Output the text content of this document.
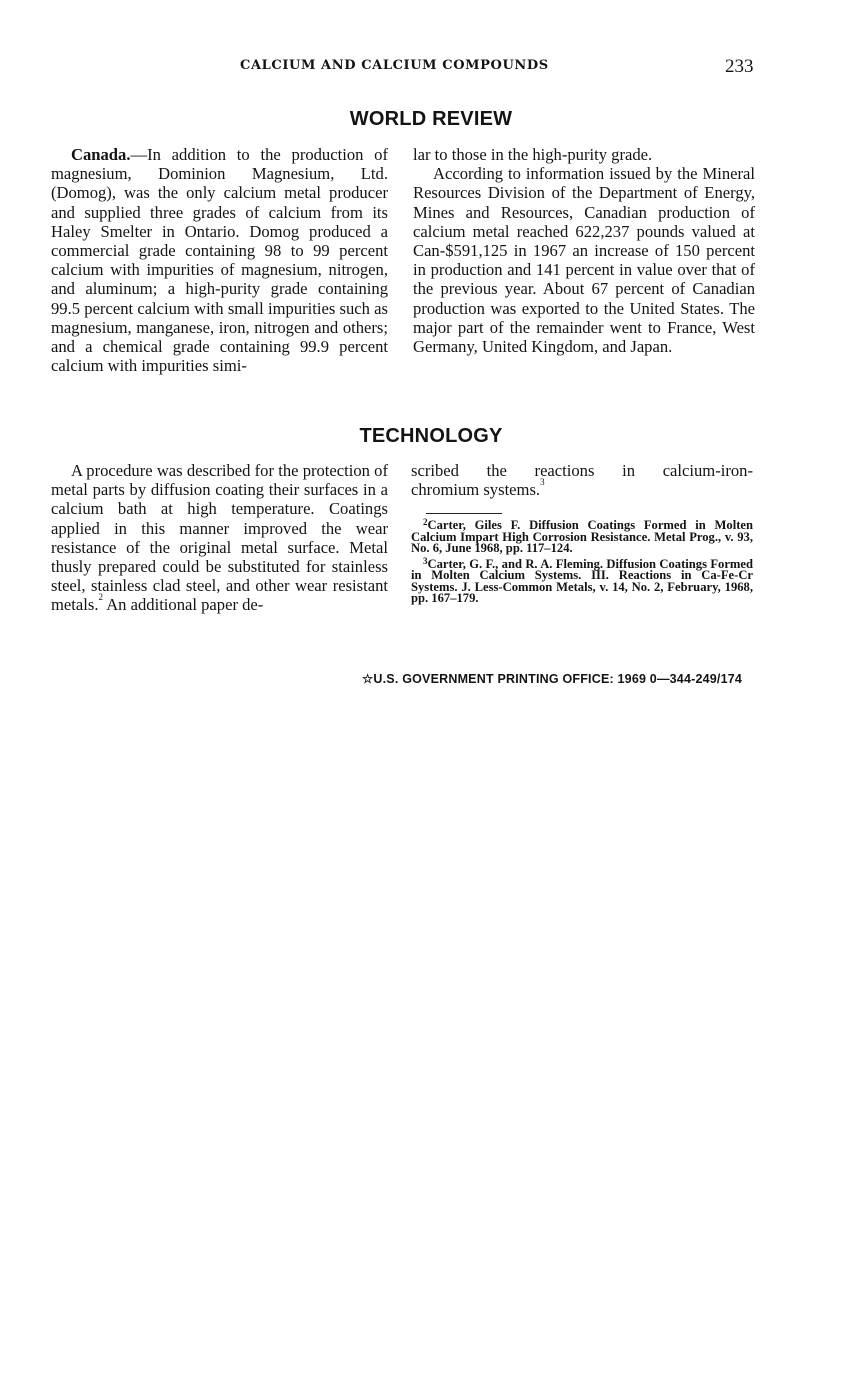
CALCIUM AND CALCIUM COMPOUNDS	233
WORLD REVIEW

Canada.—In addition to the production of magnesium, Dominion Magnesium, Ltd. (Domog), was the only calcium metal producer and supplied three grades of calcium from its Haley Smelter in Ontario. Domog produced a commercial grade containing 98 to 99 percent calcium with impurities of magnesium, nitrogen, and aluminum; a high-purity grade containing 99.5 percent calcium with small impurities such as magnesium, manganese, iron, nitrogen and others; and a chemical grade containing 99.9 percent calcium with impurities simi-

lar to those in the high-purity grade.

According to information issued by the Mineral Resources Division of the Department of Energy, Mines and Resources, Canadian production of calcium metal reached 622,237 pounds valued at Can-$591,125 in 1967 an increase of 150 percent in production and 141 percent in value over that of the previous year. About 67 percent of Canadian production was exported to the United States. The major part of the remainder went to France, West Germany, United Kingdom, and Japan.

TECHNOLOGY

A procedure was described for the protection of metal parts by diffusion coating their surfaces in a calcium bath at high temperature. Coatings applied in this manner improved the wear resistance of the original metal surface. Metal thusly prepared could be substituted for stainless steel, stainless clad steel, and other wear resistant metals.$^2$ An additional paper de-

scribed the reactions in calcium-iron-

chromium systems.$^3$

$^2$Carter, Giles F. Diffusion Coatings Formed in Molten Calcium Impart High Corrosion Resistance. Metal Prog., v. 93, No. 6, June 1968, pp. 117–124.

$^3$Carter, G. F., and R. A. Fleming. Diffusion Coatings Formed in Molten Calcium Systems. III. Reactions in Ca-Fe-Cr Systems. J. Less-Common Metals, v. 14, No. 2, February, 1968, pp. 167–179.

☆U.S. GOVERNMENT PRINTING OFFICE: 1969 0—344-249/174
